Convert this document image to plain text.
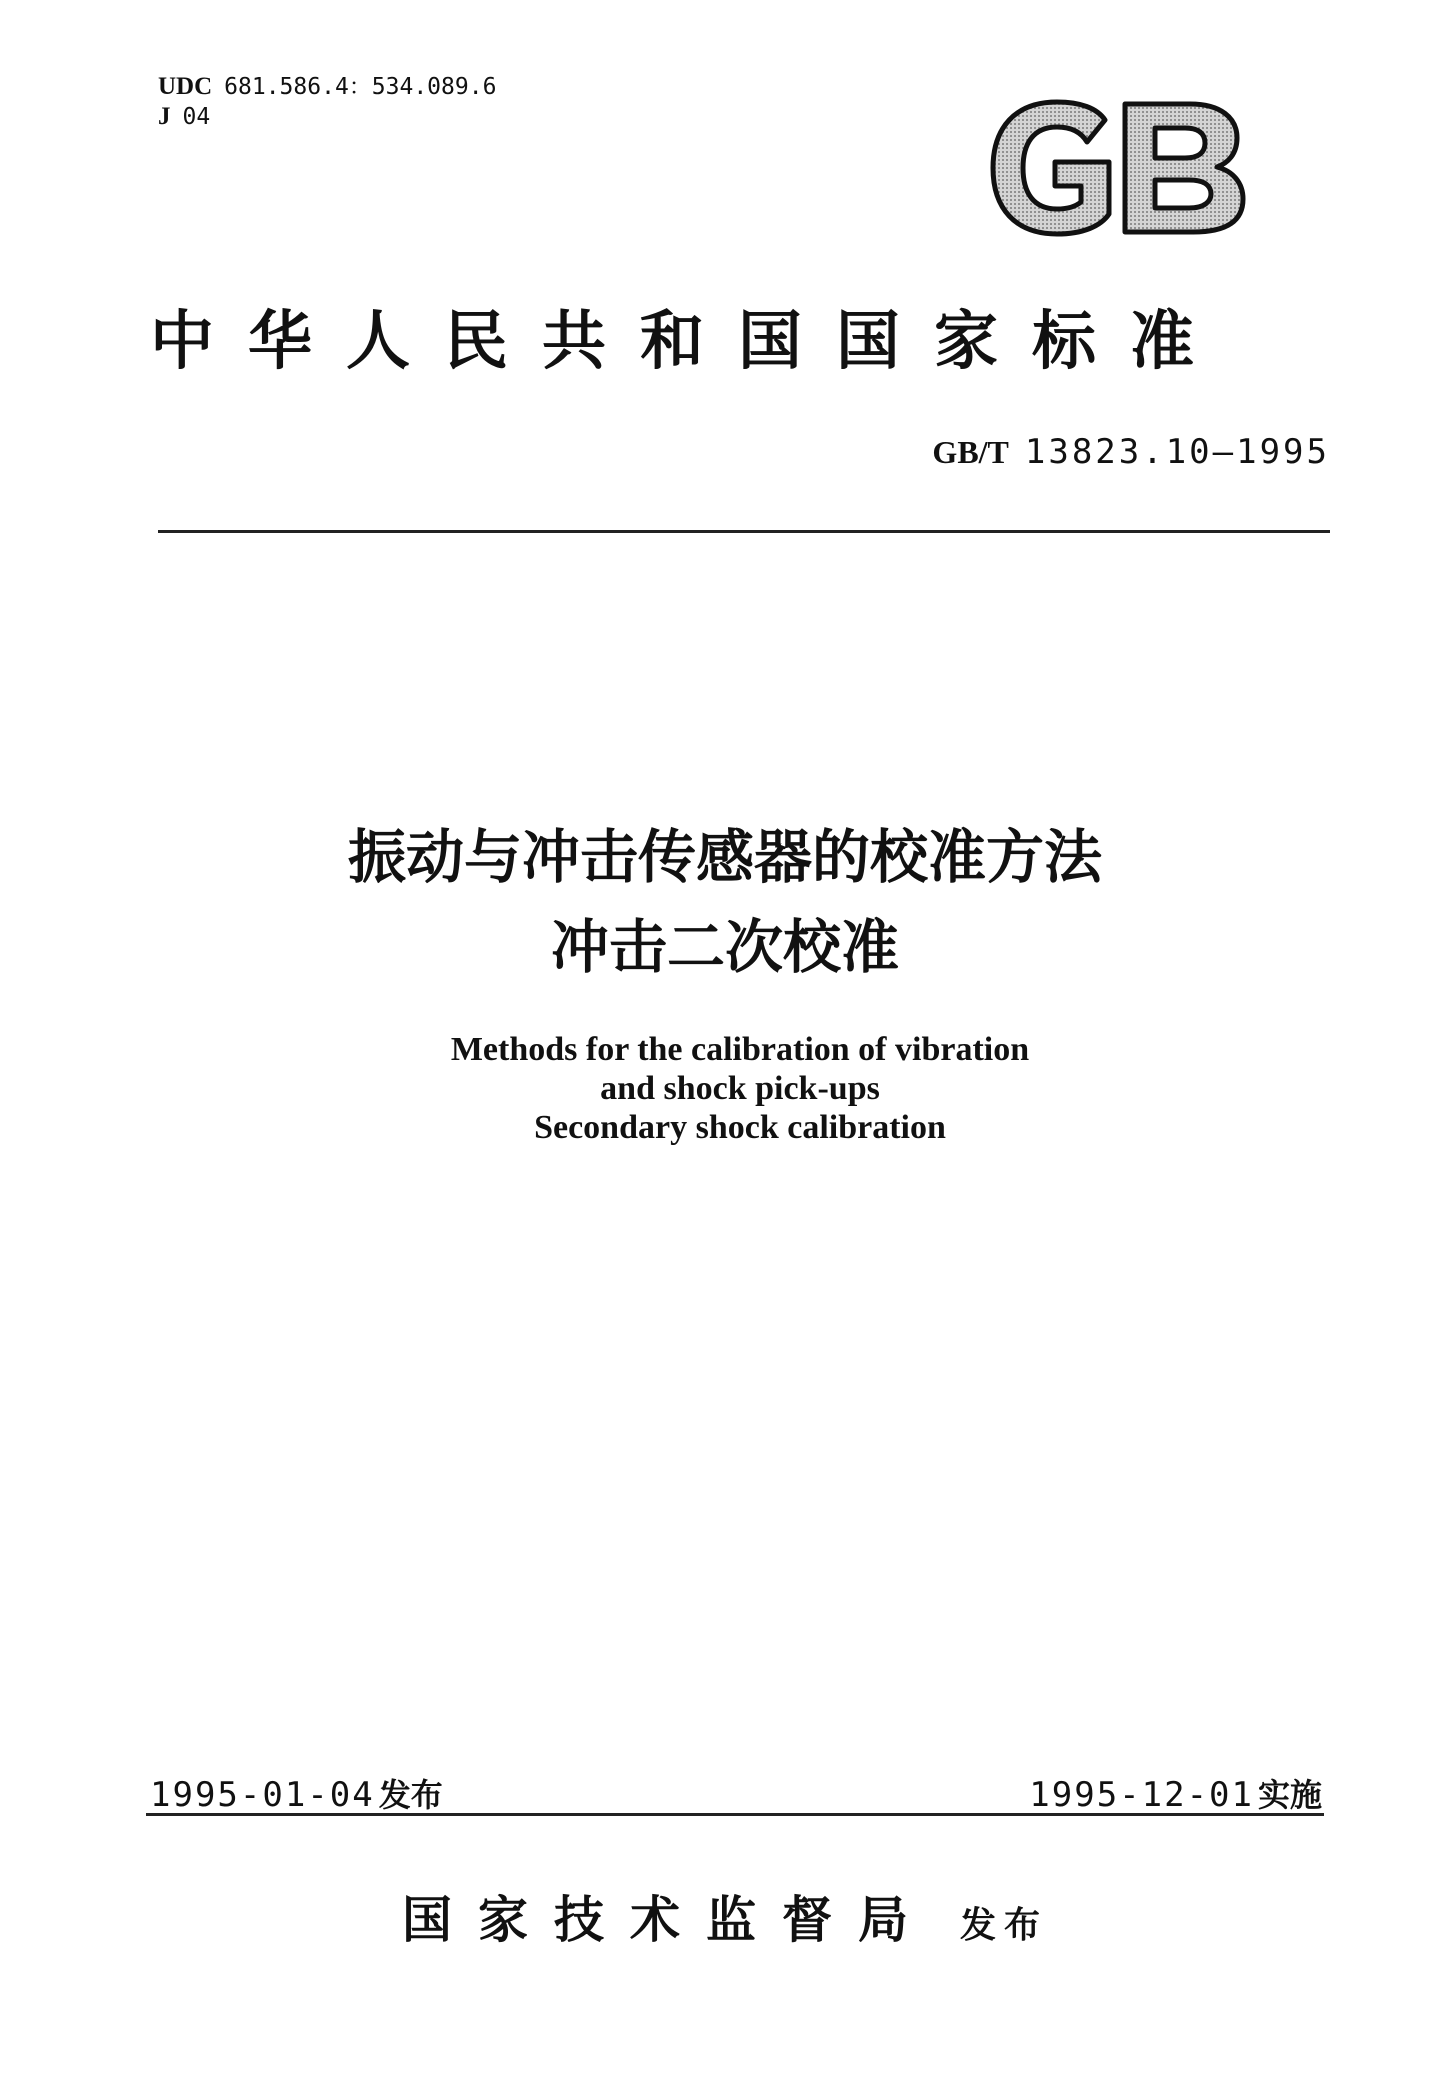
UDC 681.586.4：534.089.6
J 04
中华人民共和国国家标准
GB/T 13823.10—1995
振动与冲击传感器的校准方法
冲击二次校准
Methods for the calibration of vibration
and shock pick-ups
Secondary shock calibration
1995-01-04 发布	1995-12-01 实施
国家技术监督局 发布
